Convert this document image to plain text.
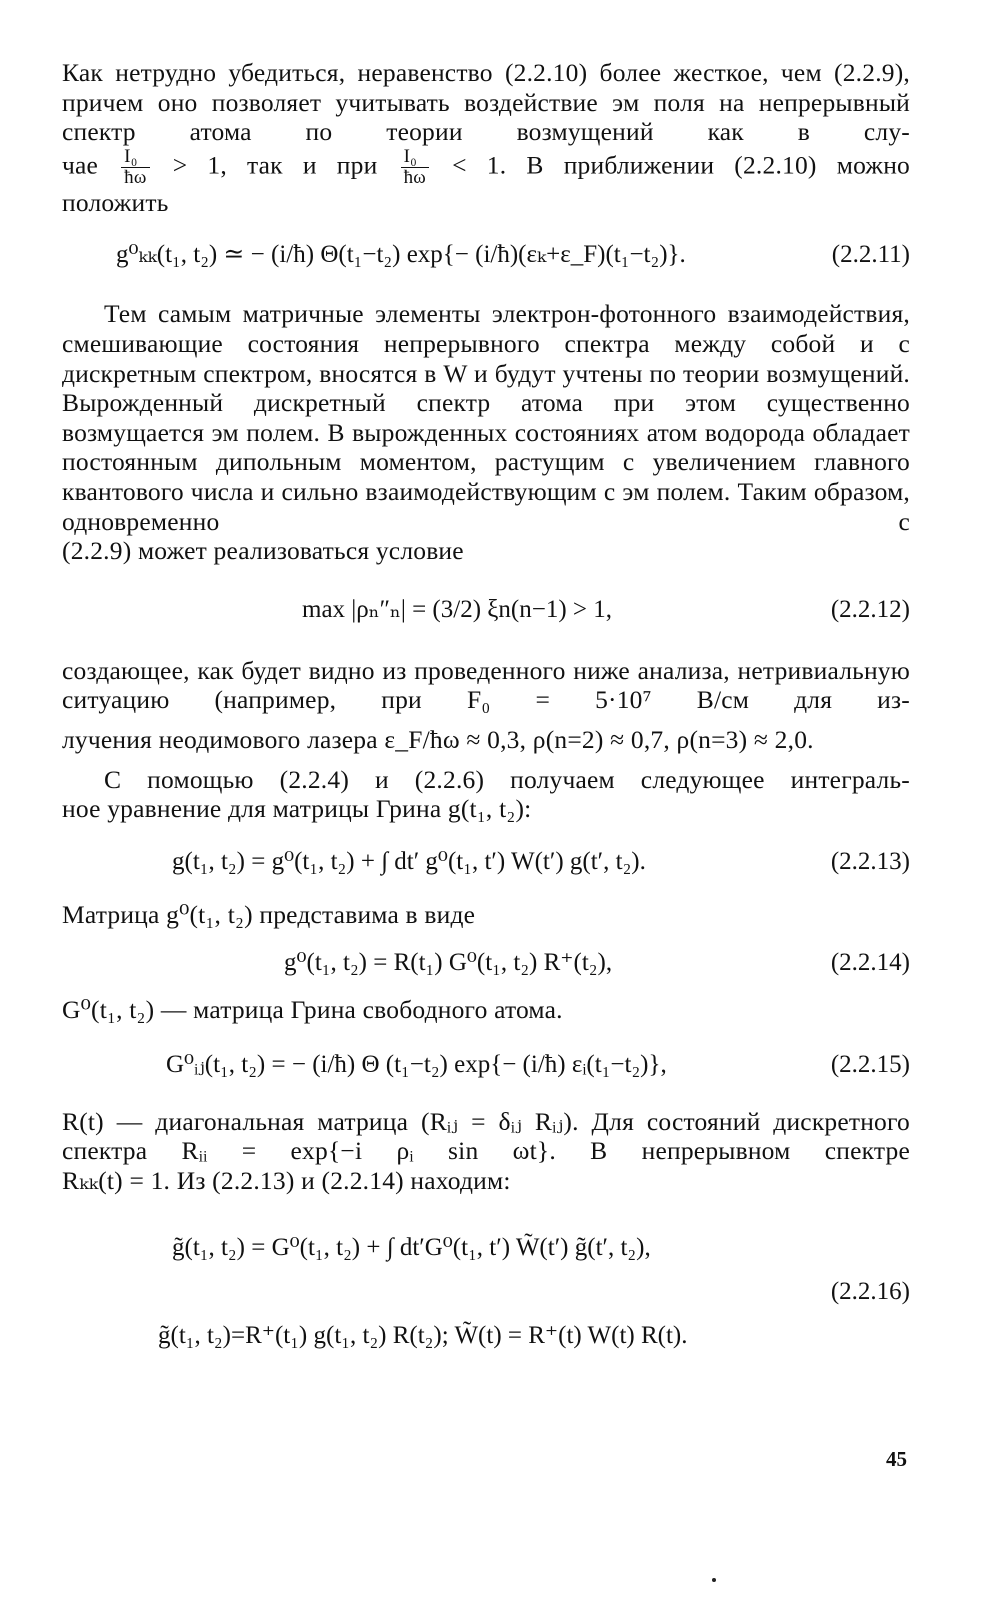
Как нетрудно убедиться, неравенство (2.2.10) более жесткое, чем (2.2.9), причем оно позволяет учитывать воздействие эм поля на непрерывный спектр атома по теории возмущений как в слу-

чае $\frac{\text{I₀}}{ħ\omega} > 1$, так и при $\frac{\text{I₀}}{ħ\omega} < 1$. В приближении (2.2.10) можно

положить

g⁰ₖₖ(t₁, t₂) ≃ − (i/ħ) Θ(t₁−t₂) exp{− (i/ħ)(εₖ+ε_F)(t₁−t₂)}.	(2.2.11)

Тем самым матричные элементы электрон-фотонного взаимодействия, смешивающие состояния непрерывного спектра между собой и с дискретным спектром, вносятся в W и будут учтены по теории возмущений. Вырожденный дискретный спектр атома при этом существенно возмущается эм полем. В вырожденных состояниях атом водорода обладает постоянным дипольным моментом, растущим с увеличением главного квантового числа и сильно взаимодействующим с эм полем. Таким образом, одновременно с

(2.2.9) может реализоваться условие

max |ρₙ″ₙ| = (3/2) ξn(n−1) > 1,	(2.2.12)

создающее, как будет видно из проведенного ниже анализа, нетривиальную ситуацию (например, при F₀ = 5·10⁷ В/см для из-

лучения неодимового лазера ε_F/ħω ≈ 0,3, ρ(n=2) ≈ 0,7, ρ(n=3) ≈ 2,0.

С помощью (2.2.4) и (2.2.6) получаем следующее интеграль-

ное уравнение для матрицы Грина g(t₁, t₂):

g(t₁, t₂) = g⁰(t₁, t₂) + ∫ dt′ g⁰(t₁, t′) W(t′) g(t′, t₂).	(2.2.13)

Матрица g⁰(t₁, t₂) представима в виде

g⁰(t₁, t₂) = R(t₁) G⁰(t₁, t₂) R⁺(t₂),	(2.2.14)

G⁰(t₁, t₂) — матрица Грина свободного атома.

G⁰ᵢⱼ(t₁, t₂) = − (i/ħ) Θ (t₁−t₂) exp{− (i/ħ) εᵢ(t₁−t₂)},	(2.2.15)

R(t) — диагональная матрица (Rᵢⱼ = δᵢⱼ Rᵢⱼ). Для состояний дискретного спектра Rᵢᵢ = exp{−i ρᵢ sin ωt}. В непрерывном спектре

Rₖₖ(t) = 1. Из (2.2.13) и (2.2.14) находим:

g̃(t₁, t₂) = G⁰(t₁, t₂) + ∫ dt′G⁰(t₁, t′) W̃(t′) g̃(t′, t₂),
(2.2.16)
g̃(t₁, t₂)=R⁺(t₁) g(t₁, t₂) R(t₂); W̃(t) = R⁺(t) W(t) R(t).
45
